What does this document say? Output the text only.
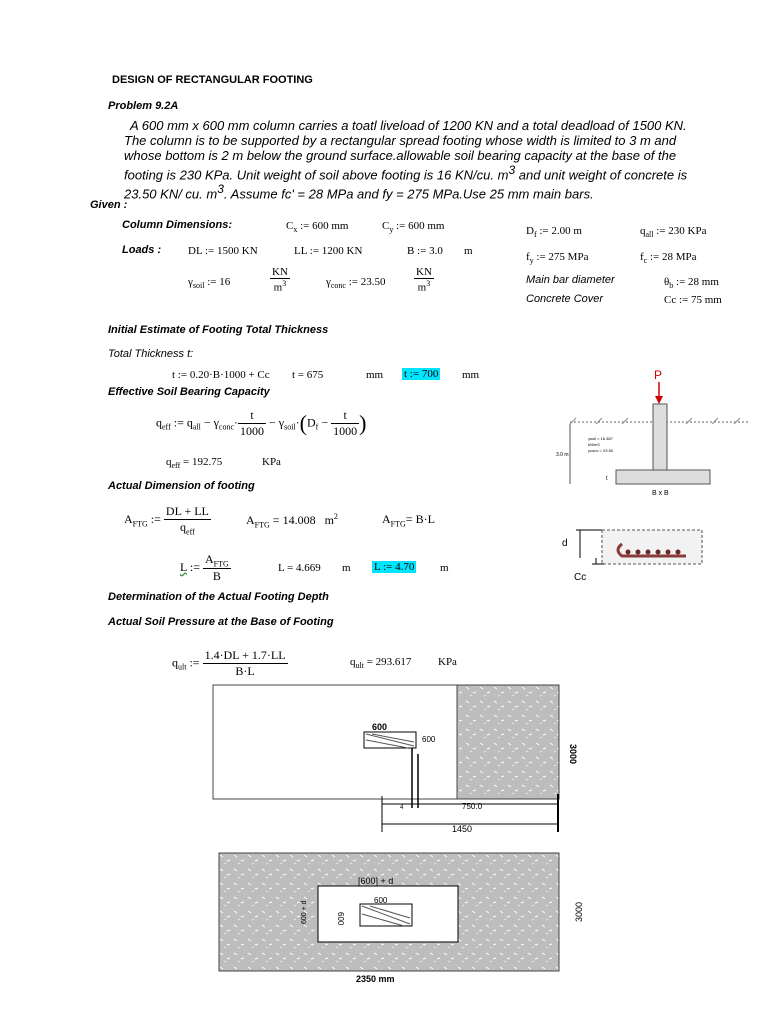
DESIGN OF RECTANGULAR FOOTING
Problem 9.2A
A 600 mm x 600 mm column carries a toatl liveload of 1200 KN and a total deadload of 1500 KN.
The column is to be supported by a rectangular spread footing whose width is limited to 3 m and
whose bottom is 2 m below the ground surface.allowable soil bearing capacity at the base of the
footing is 230 KPa. Unit weight of soil above footing is 16 KN/cu. $m^3$ and unit weight of concrete is
23.50 KN/ cu. $m^3$. Assume fc' = 28 MPa and fy = 275 MPa.Use 25 mm main bars.
Given :
Column Dimensions:	$C_x$ := 600 mm	$C_y$ := 600 mm
Loads : DL := 1500 KN	LL := 1200 KN	B := 3.0 m
$\gamma_{soil}$ := 16	$\frac{KN}{m^3}$	$\gamma_{conc}$ := 23.50	$\frac{KN}{m^3}$
$D_f$ := 2.00 m	$q_{all}$ := 230 KPa
$f_y$ := 275 MPa	$f_c$ := 28 MPa
Main bar diameter	$\theta_b$ := 28 mm
Concrete Cover	Cc := 75 mm
Initial Estimate of Footing Total Thickness
Total Thickness t:
t := 0.20·B·1000 + Cc t = 675	mm t := 700 mm
Effective Soil Bearing Capacity
$q_{eff}$ := $q_{all} - \gamma_{conc}\cdot \frac{t}{1000} - \gamma_{soil}\cdot(D_f - \frac{t}{1000}$ )
$q_{eff} = 192.75$	KPa
Actual Dimension of footing
$A_{FTG}$ := $\frac{DL + LL}{q_{eff}}$	$A_{FTG} = 14.008$ $m^2$	$A_{FTG}= B\cdot L$
L := $\frac{A_{FTG}}{B}$	L = 4.669 m L := 4.70 m
Determination of the Actual Footing Depth
Actual Soil Pressure at the Base of Footing
$q_{ult}$ := $\frac{1.4\cdot DL + 1.7\cdot LL}{B\cdot L}$	$q_{ult} = 293.617$ KPa
P
3.0 m
γsoil = 16.387
kN/m3
γconc = 23.50
t
B x B
d
Cc
600
600
750.0
1450
4
3000
[600] + d
600
600
600 + d	3000
2350 mm
